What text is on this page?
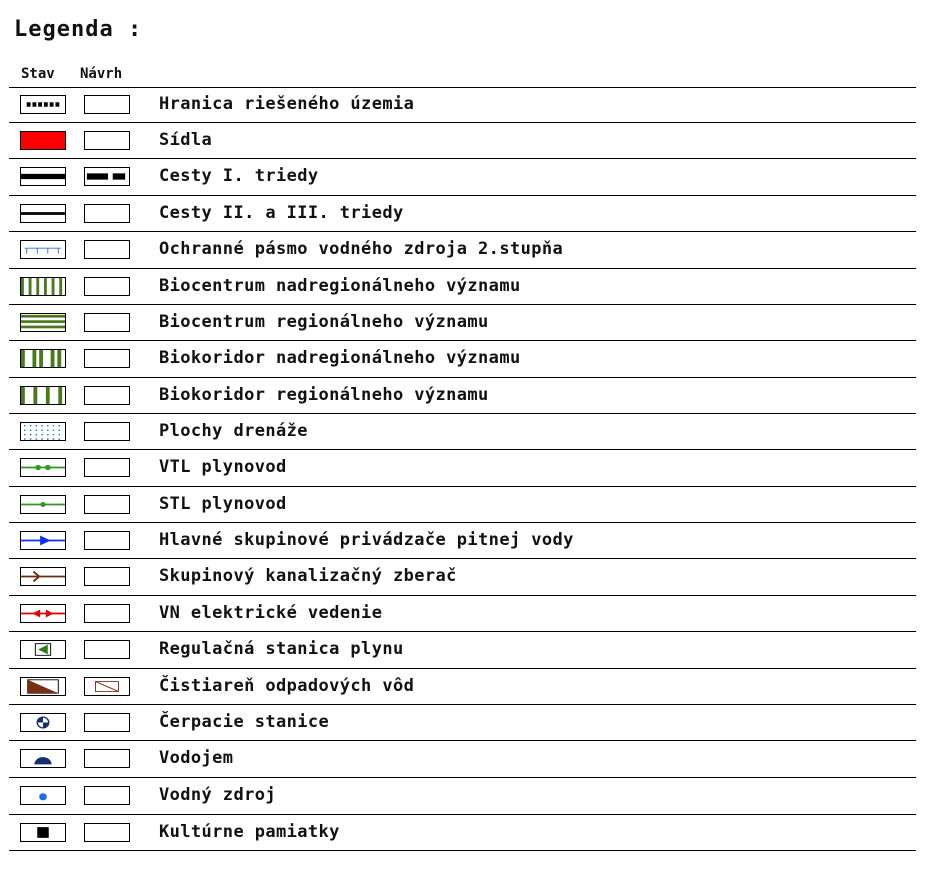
Legenda :
Stav Návrh
Hranica riešeného územia
Sídla
Cesty I. triedy
Cesty II. a III. triedy
Ochranné pásmo vodného zdroja 2.stupňa
Biocentrum nadregionálneho významu
Biocentrum regionálneho významu
Biokoridor nadregionálneho významu
Biokoridor regionálneho významu
Plochy drenáže
VTL plynovod
STL plynovod
Hlavné skupinové privádzače pitnej vody
Skupinový kanalizačný zberač
VN elektrické vedenie
Regulačná stanica plynu
Čistiareň odpadových vôd
Čerpacie stanice
Vodojem
Vodný zdroj
Kultúrne pamiatky
